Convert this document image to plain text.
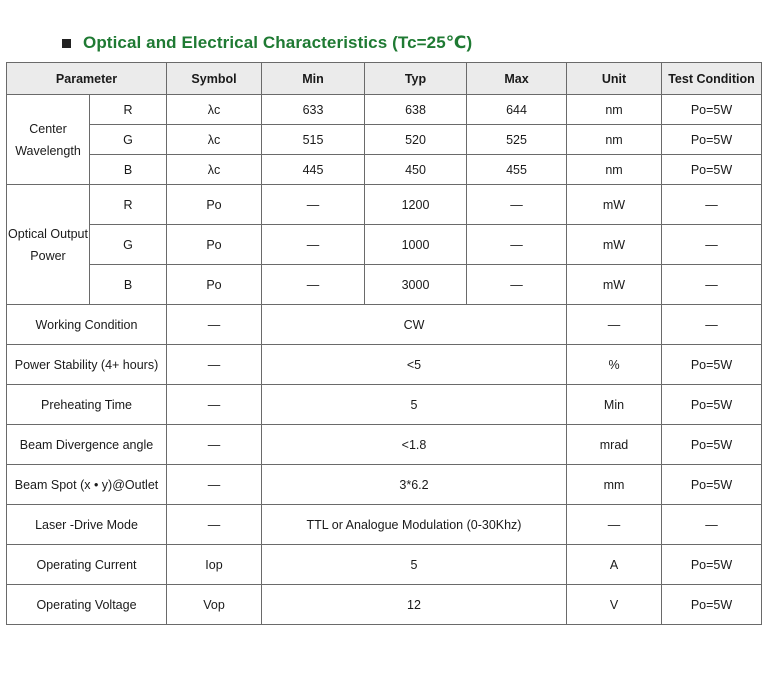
Optical and Electrical Characteristics (Tc=25℃)
Parameter		Symbol	Min	Typ	Max	Unit	Test Condition
Center
Wavelength	R	λc	633	638	644	nm	Po=5W
	G	λc	515	520	525	nm	Po=5W
	B	λc	445	450	455	nm	Po=5W
Optical Output
Power	R	Po	—	1200	—	mW	—
	G	Po	—	1000	—	mW	—
	B	Po	—	3000	—	mW	—
Working Condition		—	CW			—	—
Power Stability (4+ hours)		—	<5			%	Po=5W
Preheating Time		—	5			Min	Po=5W
Beam Divergence angle		—	<1.8			mrad	Po=5W
Beam Spot (x • y)@Outlet		—	3*6.2			mm	Po=5W
Laser -Drive Mode		—	TTL or Analogue Modulation (0-30Khz)			—	—
Operating Current		Iop	5			A	Po=5W
Operating Voltage		Vop	12			V	Po=5W
